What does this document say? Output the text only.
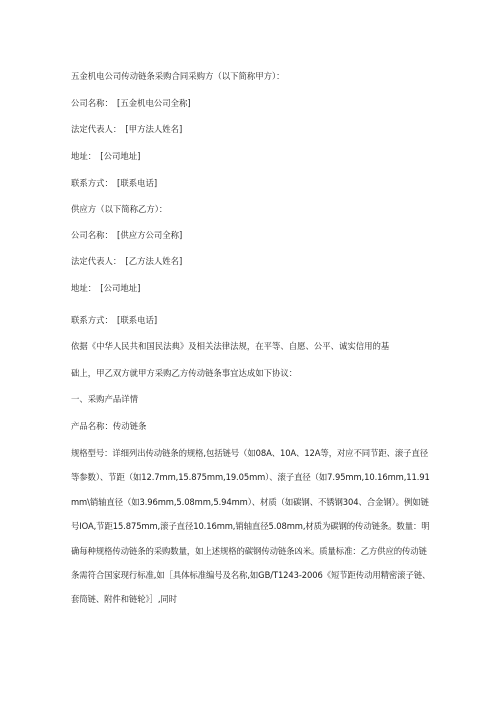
五金机电公司传动链条采购合同采购方（以下简称甲方）：
公司名称：　[五金机电公司全称]
法定代表人：　[甲方法人姓名]
地址：　[公司地址]
联系方式：　[联系电话]
供应方（以下简称乙方）：
公司名称：　[供应方公司全称]
法定代表人：　[乙方法人姓名]
地址：　[公司地址]
联系方式：　[联系电话]
依据《中华人民共和国民法典》及相关法律法规，在平等、自愿、公平、诚实信用的基
础上，甲乙双方就甲方采购乙方传动链条事宜达成如下协议：
一、采购产品详情
产品名称：传动链条
规格型号：详细列出传动链条的规格,包括链号（如08A、10A、12A等，对应不同节距、滚子直径等参数）、节距（如12.7mm,15.875mm,19.05mm）、滚子直径（如7.95mm,10.16mm,11.91mm\销轴直径（如3.96mm,5.08mm,5.94mm）、材质（如碳钢、不锈钢304、合金钢）。例如链号IOA,节距15.875mm,滚子直径10.16mm,销轴直径5.08mm,材质为碳钢的传动链条。数量：明确每种规格传动链条的采购数量，如上述规格的碳钢传动链条凶米。质量标准：乙方供应的传动链条需符合国家现行标准,如［具体标准编号及名称,如GB/T1243-2006《短节距传动用精密滚子链、套筒链、附件和链轮》］,同时
